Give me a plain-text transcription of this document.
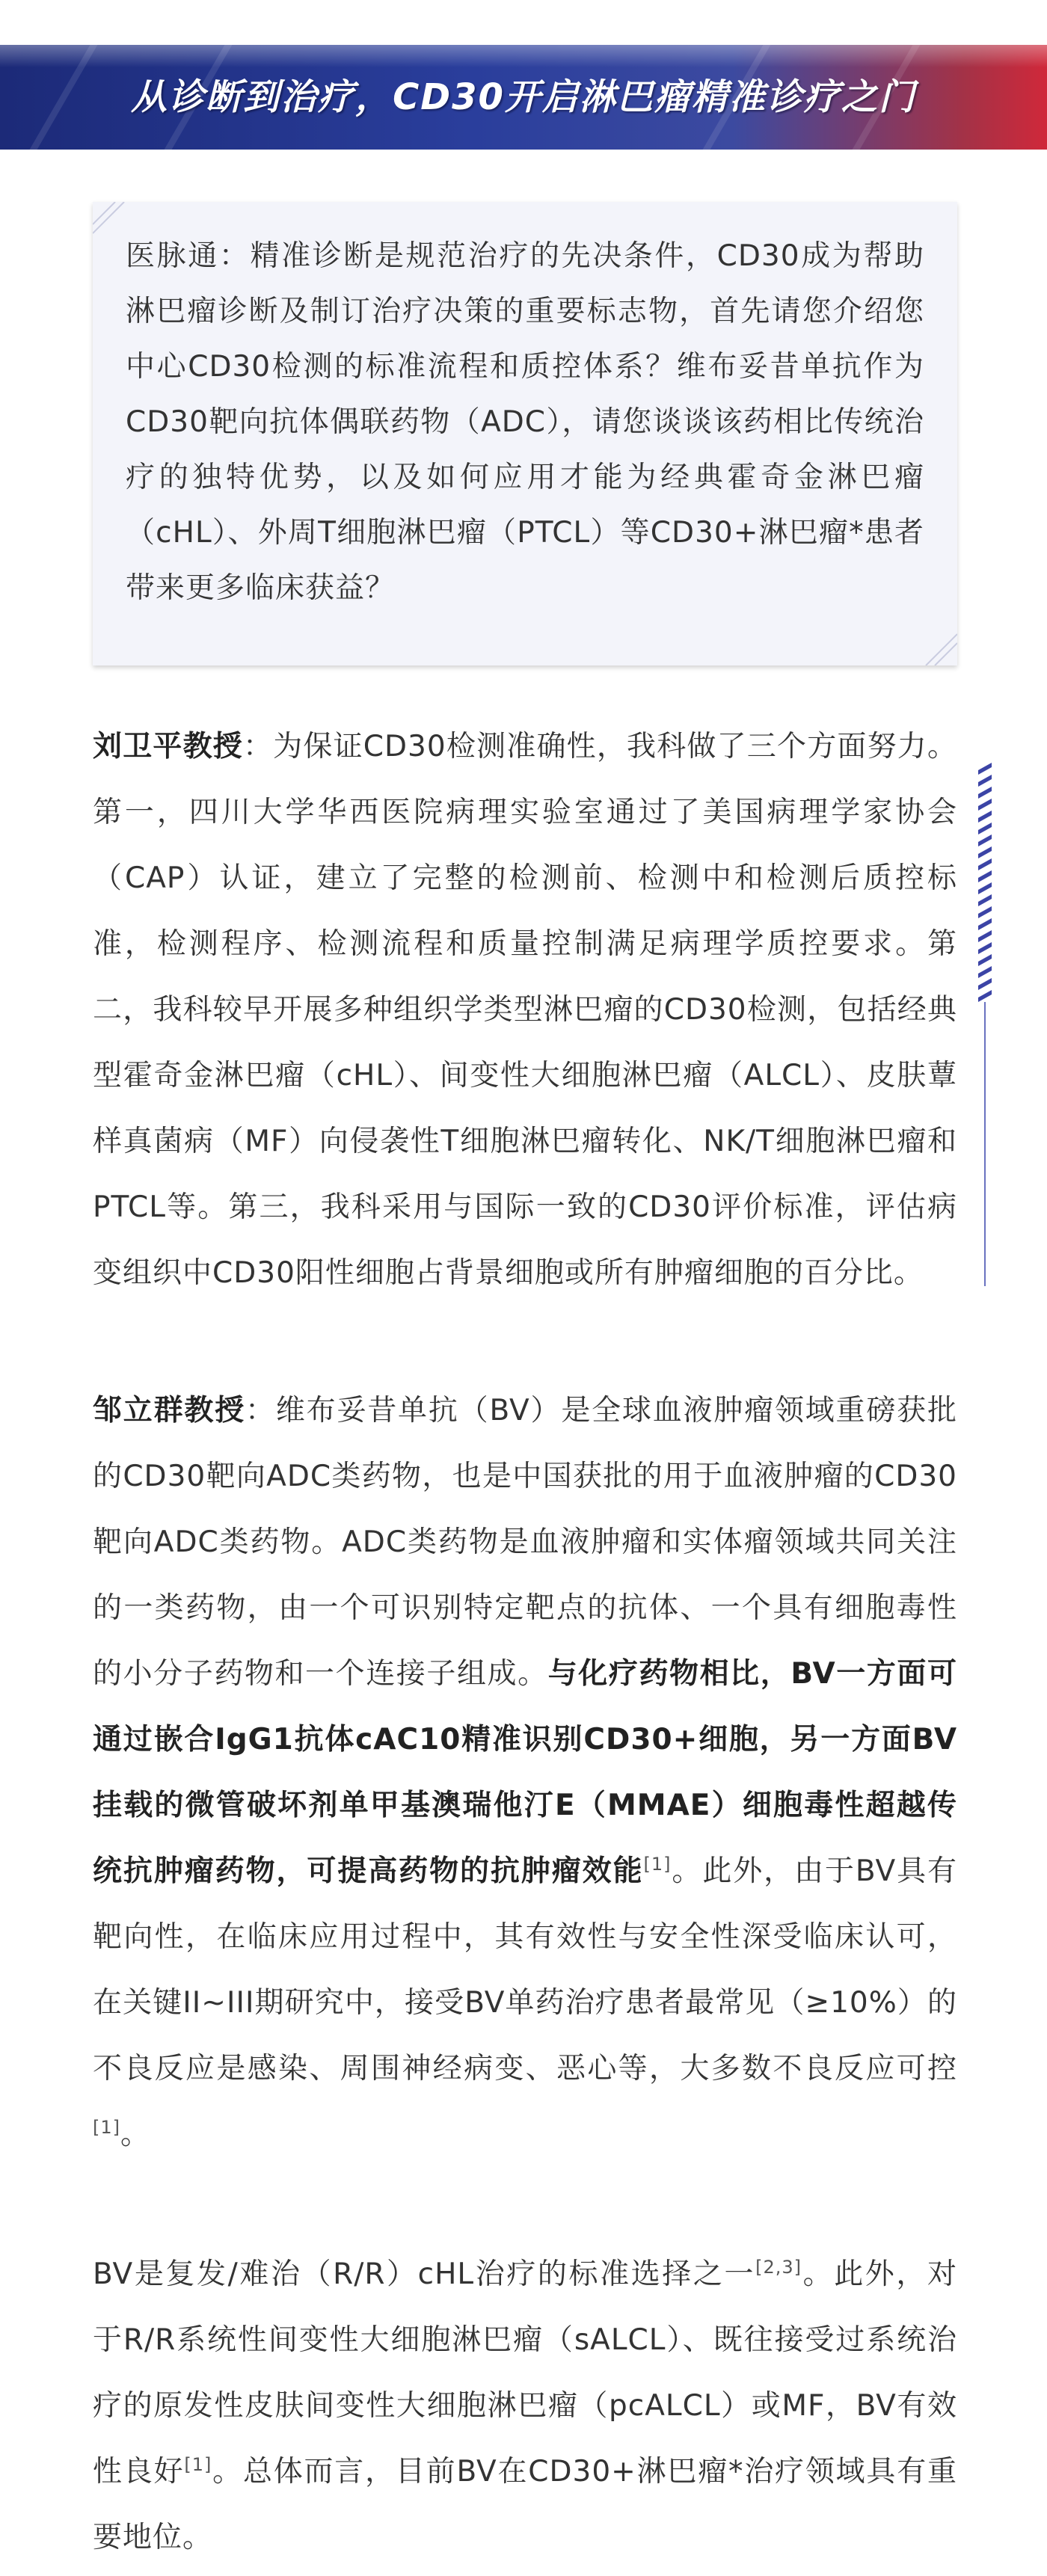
从诊断到治疗，CD30开启淋巴瘤精准诊疗之门
医脉通：精准诊断是规范治疗的先决条件，CD30成为帮助淋巴瘤诊断及制订治疗决策的重要标志物，首先请您介绍您中心CD30检测的标准流程和质控体系？维布妥昔单抗作为CD30靶向抗体偶联药物（ADC），请您谈谈该药相比传统治疗的独特优势，以及如何应用才能为经典霍奇金淋巴瘤（cHL）、外周T细胞淋巴瘤（PTCL）等CD30+淋巴瘤*患者带来更多临床获益？
刘卫平教授：为保证CD30检测准确性，我科做了三个方面努力。第一，四川大学华西医院病理实验室通过了美国病理学家协会（CAP）认证，建立了完整的检测前、检测中和检测后质控标准，检测程序、检测流程和质量控制满足病理学质控要求。第二，我科较早开展多种组织学类型淋巴瘤的CD30检测，包括经典型霍奇金淋巴瘤（cHL）、间变性大细胞淋巴瘤（ALCL）、皮肤蕈样真菌病（MF）向侵袭性T细胞淋巴瘤转化、NK/T细胞淋巴瘤和PTCL等。第三，我科采用与国际一致的CD30评价标准，评估病变组织中CD30阳性细胞占背景细胞或所有肿瘤细胞的百分比。
邹立群教授：维布妥昔单抗（BV）是全球血液肿瘤领域重磅获批的CD30靶向ADC类药物，也是中国获批的用于血液肿瘤的CD30靶向ADC类药物。ADC类药物是血液肿瘤和实体瘤领域共同关注的一类药物，由一个可识别特定靶点的抗体、一个具有细胞毒性的小分子药物和一个连接子组成。与化疗药物相比，BV一方面可通过嵌合IgG1抗体cAC10精准识别CD30+细胞，另一方面BV挂载的微管破坏剂单甲基澳瑞他汀E（MMAE）细胞毒性超越传统抗肿瘤药物，可提高药物的抗肿瘤效能[1]。此外，由于BV具有靶向性，在临床应用过程中，其有效性与安全性深受临床认可，在关键II~III期研究中，接受BV单药治疗患者最常见（≥10%）的不良反应是感染、周围神经病变、恶心等，大多数不良反应可控[1]。
BV是复发/难治（R/R）cHL治疗的标准选择之一[2,3]。此外，对于R/R系统性间变性大细胞淋巴瘤（sALCL）、既往接受过系统治疗的原发性皮肤间变性大细胞淋巴瘤（pcALCL）或MF，BV有效性良好[1]。总体而言，目前BV在CD30+淋巴瘤*治疗领域具有重要地位。
